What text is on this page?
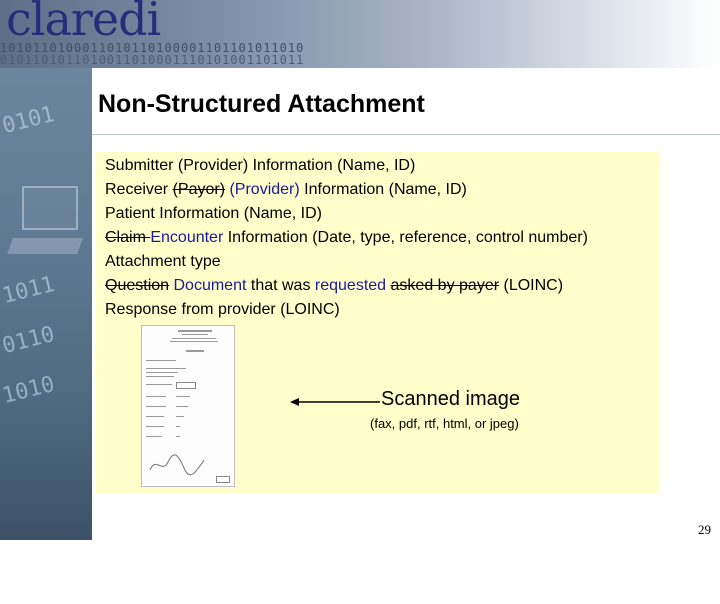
1010110100011010110100001101101011010
0101101011010011010001110101001101011
claredi
0101
1011
0110
1010
© 2005 Claredi
Non-Structured Attachment
Submitter (Provider) Information (Name, ID)
Receiver (Payor) (Provider) Information (Name, ID)
Patient Information (Name, ID)
Claim Encounter Information (Date, type, reference, control number)
Attachment type
Question Document that was requested asked by payer (LOINC)
Response from provider (LOINC)
Scanned image
(fax, pdf, rtf, html, or jpeg)
29
